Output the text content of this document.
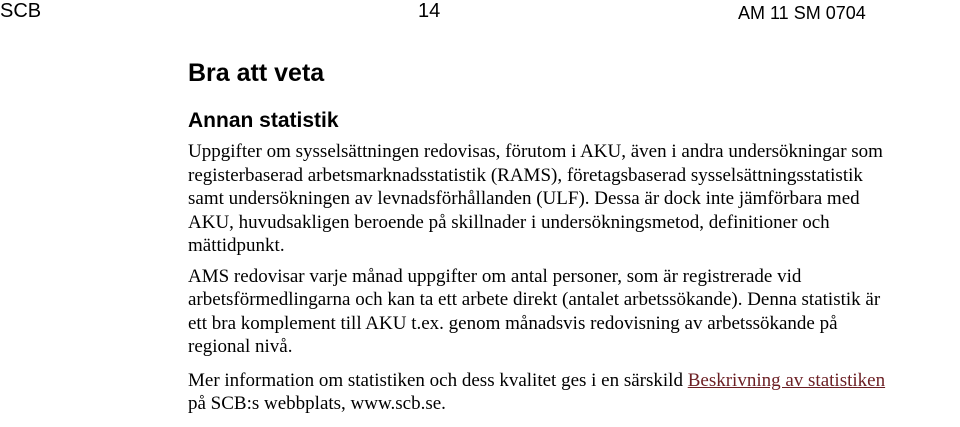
SCB	14	AM 11 SM 0704
Bra att veta
Annan statistik

Uppgifter om sysselsättningen redovisas, förutom i AKU, även i andra undersökningar som
registerbaserad arbetsmarknadsstatistik (RAMS), företagsbaserad sysselsättningsstatistik
samt undersökningen av levnadsförhållanden (ULF). Dessa är dock inte jämförbara med
AKU, huvudsakligen beroende på skillnader i undersökningsmetod, definitioner och
mättidpunkt.

AMS redovisar varje månad uppgifter om antal personer, som är registrerade vid
arbetsförmedlingarna och kan ta ett arbete direkt (antalet arbetssökande). Denna statistik är
ett bra komplement till AKU t.ex. genom månadsvis redovisning av arbetssökande på
regional nivå.

Mer information om statistiken och dess kvalitet ges i en särskild Beskrivning av statistiken
på SCB:s webbplats, www.scb.se.
